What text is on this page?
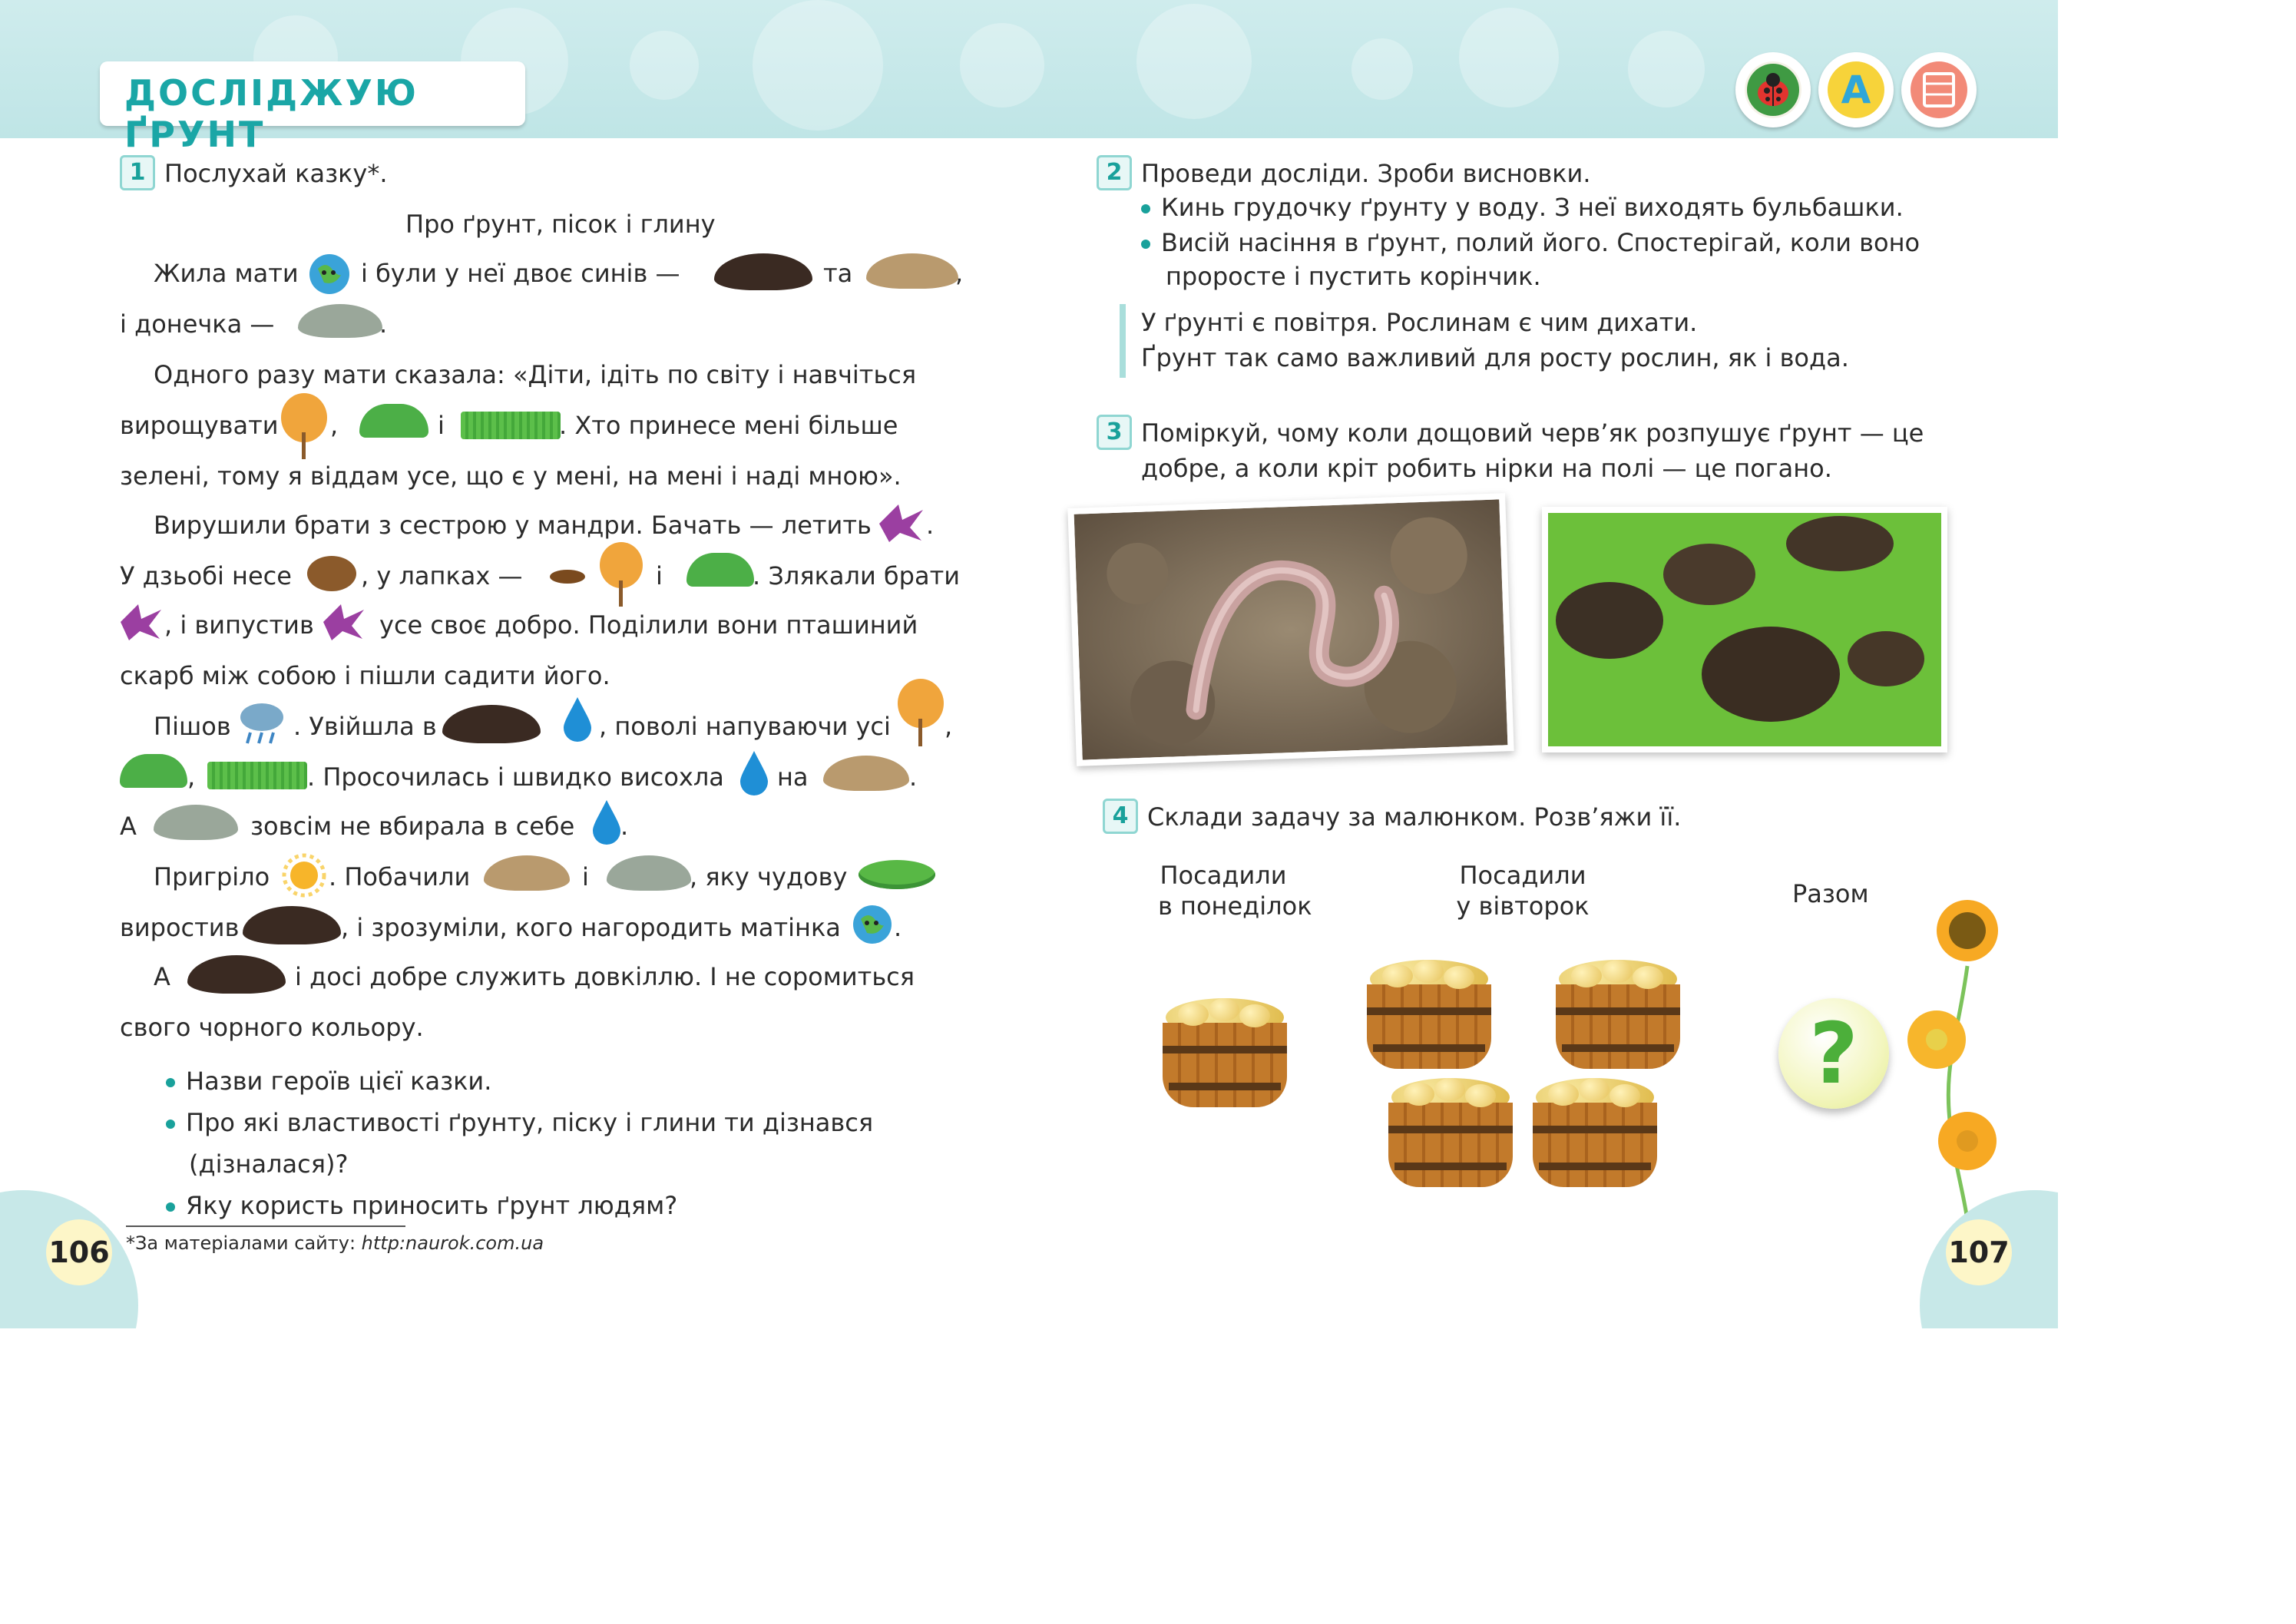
ДОСЛІДЖУЮ ҐРУНТ
A
1 Послухай казку*.
Про ґрунт, пісок і глину
Жила мати	і були у неї двоє синів —	та	,
і донечка —	.
Одного разу мати сказала: «Діти, ідіть по світу і навчіться
вирощувати ,	і	. Хто принесе мені більше
зелені, тому я віддам усе, що є у мені, на мені і наді мною».
Вирушили брати з сестрою у мандри. Бачать — летить .
У дзьобі несе	, у лапках —	і	. Злякали брати
, і випустив	усе своє добро. Поділили вони пташиний
скарб між собою і пішли садити його.
Пішов	. Увійшла в	, поволі напуваючи усі ,
,	. Просочилась і швидко висохла на	.
А	зовсім не вбирала в себе .
Пригріло . Побачили	і	, яку чудову
виростив	, і зрозуміли, кого нагородить матінка .
А	і досі добре служить довкіллю. І не соромиться
свого чорного кольору.
Назви героїв цієї казки.
Про які властивості ґрунту, піску і глини ти дізнався
(дізналася)?
Яку користь приносить ґрунт людям?
*За матеріалами сайту: http:naurok.com.ua
106
2 Проведи досліди. Зроби висновки.
Кинь грудочку ґрунту у воду. З неї виходять бульбашки.
Висій насіння в ґрунт, полий його. Спостерігай, коли воно
проросте і пустить корінчик.
У ґрунті є повітря. Рослинам є чим дихати.
Ґрунт так само важливий для росту рослин, як і вода.
3 Поміркуй, чому коли дощовий черв’як розпушує ґрунт — це
добре, а коли кріт робить нірки на полі — це погано.
4 Склади задачу за малюнком. Розв’яжи її.
Посадили
в понеділок
Посадили
у вівторок	Разом
?
107
